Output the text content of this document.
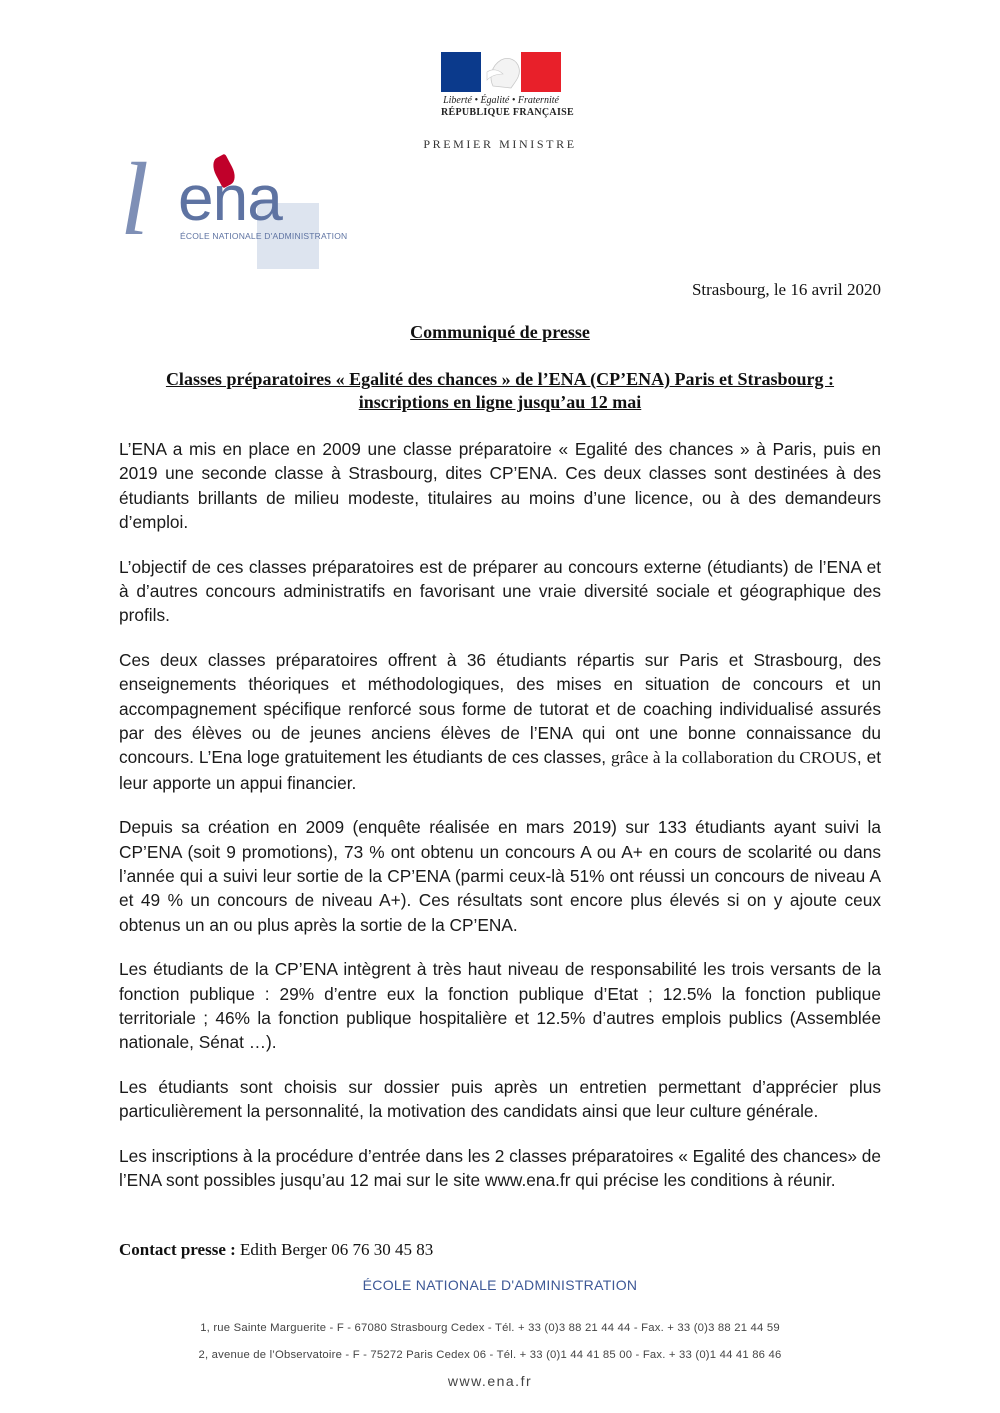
Liberté • Égalité • Fraternité
RÉPUBLIQUE FRANÇAISE
PREMIER MINISTRE
l ena
ÉCOLE NATIONALE D'ADMINISTRATION
Strasbourg, le 16 avril 2020
Communiqué de presse
Classes préparatoires « Egalité des chances » de l’ENA (CP’ENA) Paris et Strasbourg : inscriptions en ligne jusqu’au 12 mai

L’ENA a mis en place en 2009 une classe préparatoire « Egalité des chances » à Paris, puis en 2019 une seconde classe à Strasbourg, dites CP’ENA. Ces deux classes sont destinées à des étudiants brillants de milieu modeste, titulaires au moins d’une licence, ou à des demandeurs d’emploi.

L’objectif de ces classes préparatoires est de préparer au concours externe (étudiants) de l’ENA et à d’autres concours administratifs en favorisant une vraie diversité sociale et géographique des profils.

Ces deux classes préparatoires offrent à 36 étudiants répartis sur Paris et Strasbourg, des enseignements théoriques et méthodologiques, des mises en situation de concours et un accompagnement spécifique renforcé sous forme de tutorat et de coaching individualisé assurés par des élèves ou de jeunes anciens élèves de l’ENA qui ont une bonne connaissance du concours. L’Ena loge gratuitement les étudiants de ces classes, grâce à la collaboration du CROUS, et leur apporte un appui financier.

Depuis sa création en 2009 (enquête réalisée en mars 2019) sur 133 étudiants ayant suivi la CP’ENA (soit 9 promotions), 73 % ont obtenu un concours A ou A+ en cours de scolarité ou dans l’année qui a suivi leur sortie de la CP’ENA (parmi ceux-là 51% ont réussi un concours de niveau A et 49 % un concours de niveau A+). Ces résultats sont encore plus élevés si on y ajoute ceux obtenus un an ou plus après la sortie de la CP’ENA.

Les étudiants de la CP’ENA intègrent à très haut niveau de responsabilité les trois versants de la fonction publique : 29% d’entre eux la fonction publique d’Etat ; 12.5% la fonction publique territoriale ; 46% la fonction publique hospitalière et 12.5% d’autres emplois publics (Assemblée nationale, Sénat …).

Les étudiants sont choisis sur dossier puis après un entretien permettant d’apprécier plus particulièrement la personnalité, la motivation des candidats ainsi que leur culture générale.

Les inscriptions à la procédure d’entrée dans les 2 classes préparatoires « Egalité des chances» de l’ENA sont possibles jusqu’au 12 mai sur le site www.ena.fr qui précise les conditions à réunir.

Contact presse : Edith Berger 06 76 30 45 83
ÉCOLE NATIONALE D'ADMINISTRATION
1, rue Sainte Marguerite - F - 67080 Strasbourg Cedex - Tél. + 33 (0)3 88 21 44 44 - Fax. + 33 (0)3 88 21 44 59
2, avenue de l’Observatoire - F - 75272 Paris Cedex 06 - Tél. + 33 (0)1 44 41 85 00 - Fax. + 33 (0)1 44 41 86 46
www.ena.fr
